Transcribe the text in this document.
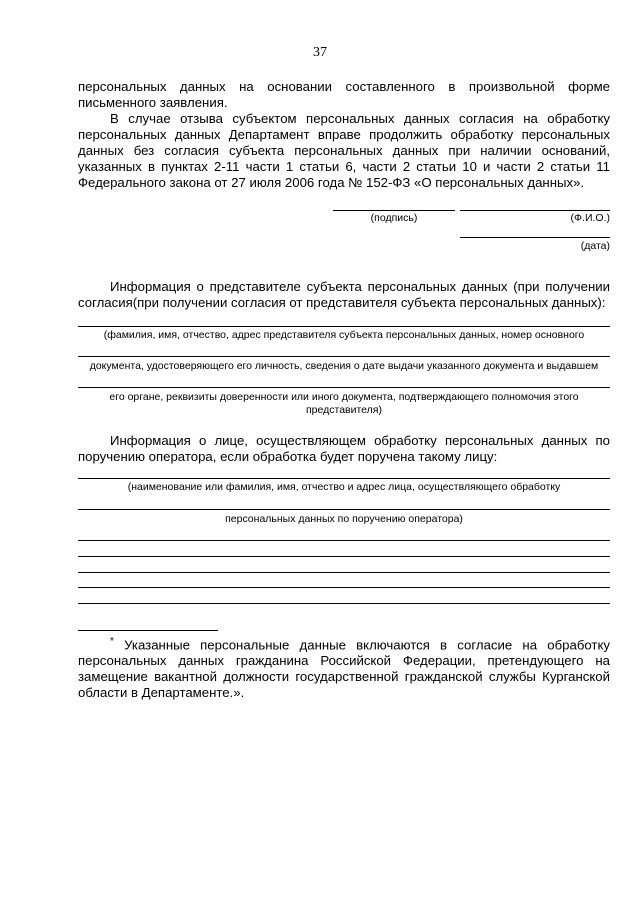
37
персональных данных на основании составленного в произвольной форме письменного заявления.
В случае отзыва субъектом персональных данных согласия на обработку персональных данных Департамент вправе продолжить обработку персональных данных без согласия субъекта персональных данных при наличии оснований, указанных в пунктах 2-11 части 1 статьи 6, части 2 статьи 10 и части 2 статьи 11 Федерального закона от 27 июля 2006 года № 152-ФЗ «О персональных данных».
(подпись)	(Ф.И.О.)
(дата)
Информация о представителе субъекта персональных данных (при получении согласия(при получении согласия от представителя субъекта персональных данных):
(фамилия, имя, отчество, адрес представителя субъекта персональных данных, номер основного
документа, удостоверяющего его личность, сведения о дате выдачи указанного документа и выдавшем
его органе, реквизиты доверенности или иного документа, подтверждающего полномочия этого
представителя)
Информация о лице, осуществляющем обработку персональных данных по поручению оператора, если обработка будет поручена такому лицу:
(наименование или фамилия, имя, отчество и адрес лица, осуществляющего обработку
персональных данных по поручению оператора)
* Указанные персональные данные включаются в согласие на обработку персональных данных гражданина Российской Федерации, претендующего на замещение вакантной должности государственной гражданской службы Курганской области в Департаменте.».
